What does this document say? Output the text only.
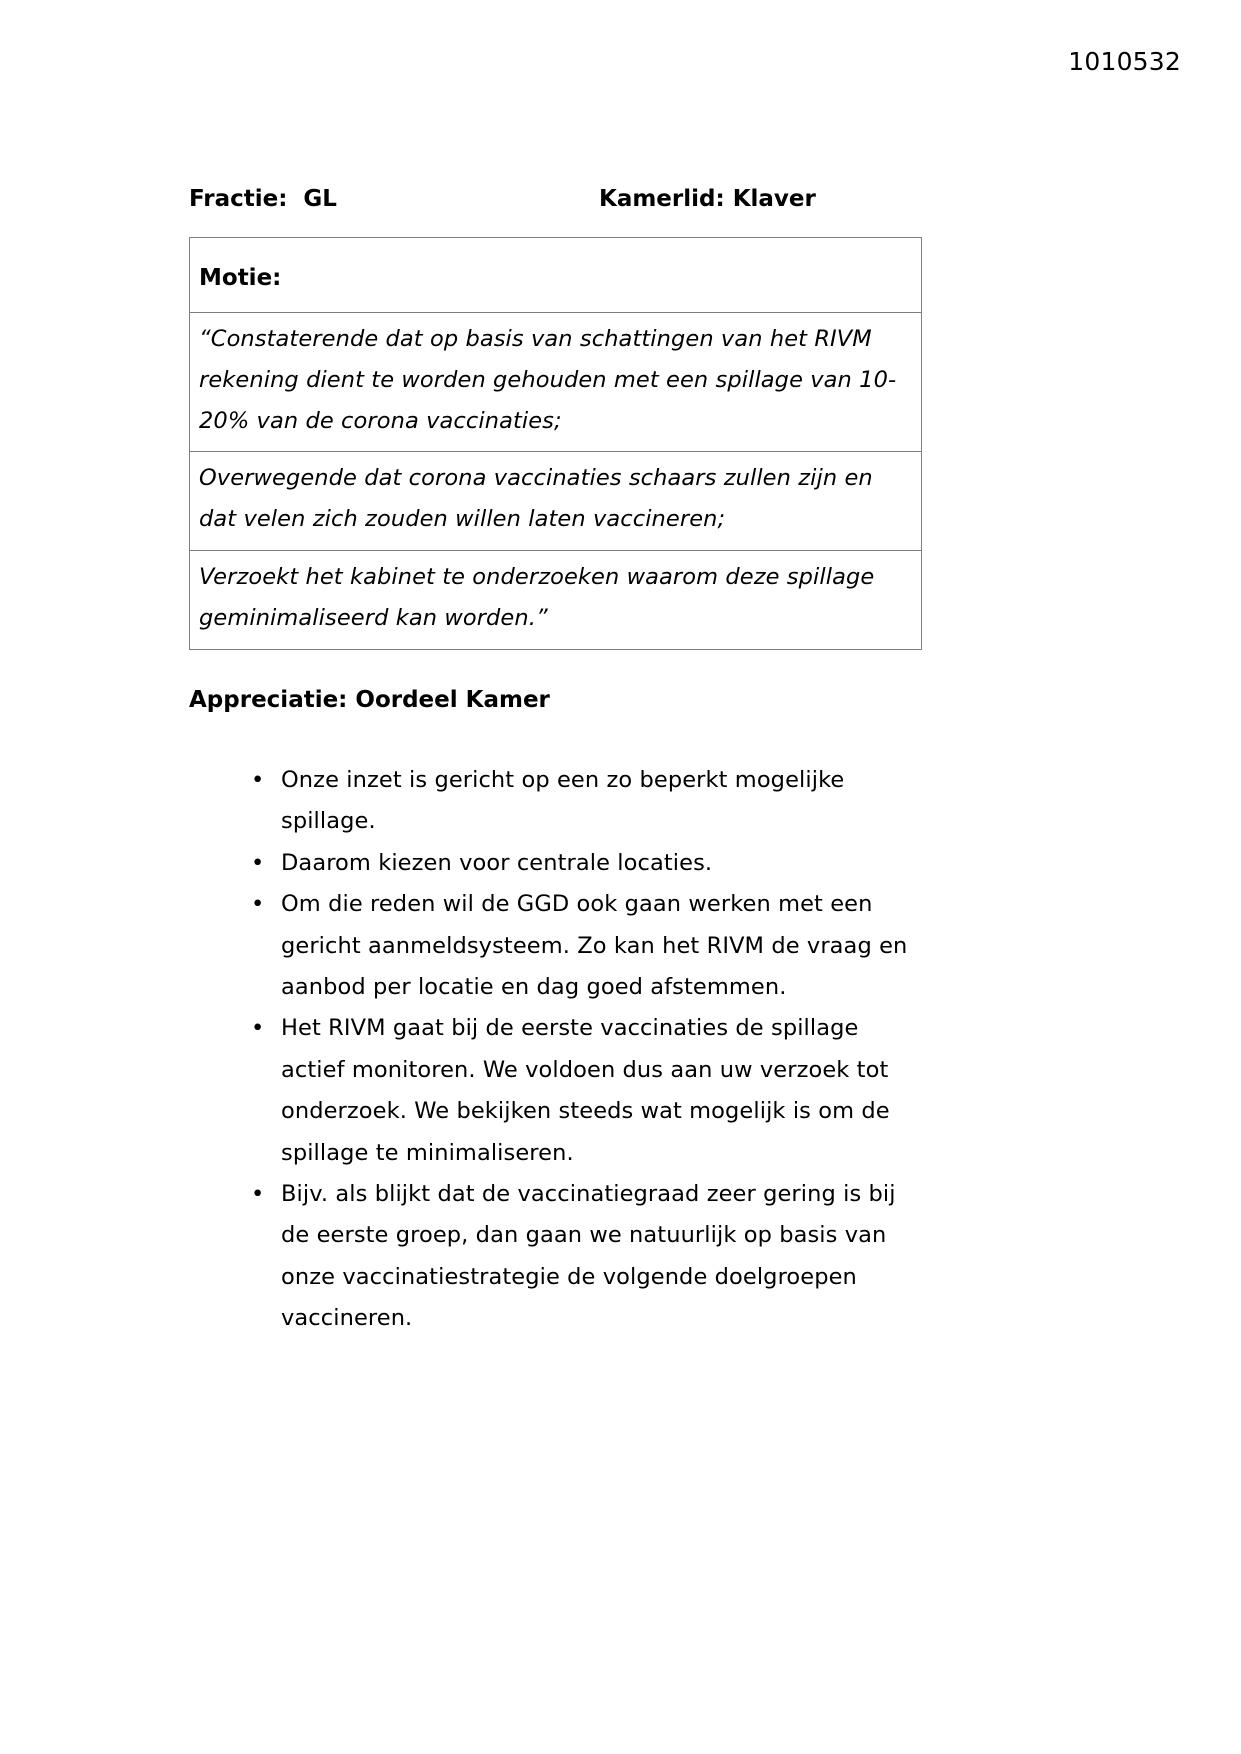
1010532
Fractie:  GL	Kamerlid: Klaver
Motie:

“Constaterende dat op basis van schattingen van het RIVM rekening dient te worden gehouden met een spillage van 10-20% van de corona vaccinaties;

Overwegende dat corona vaccinaties schaars zullen zijn en dat velen zich zouden willen laten vaccineren;

Verzoekt het kabinet te onderzoeken waarom deze spillage geminimaliseerd kan worden.”
Appreciatie: Oordeel Kamer
• Onze inzet is gericht op een zo beperkt mogelijke spillage.
• Daarom kiezen voor centrale locaties.
• Om die reden wil de GGD ook gaan werken met een gericht aanmeldsysteem. Zo kan het RIVM de vraag en aanbod per locatie en dag goed afstemmen.
• Het RIVM gaat bij de eerste vaccinaties de spillage actief monitoren. We voldoen dus aan uw verzoek tot onderzoek. We bekijken steeds wat mogelijk is om de spillage te minimaliseren.
• Bijv. als blijkt dat de vaccinatiegraad zeer gering is bij de eerste groep, dan gaan we natuurlijk op basis van onze vaccinatiestrategie de volgende doelgroepen vaccineren.
